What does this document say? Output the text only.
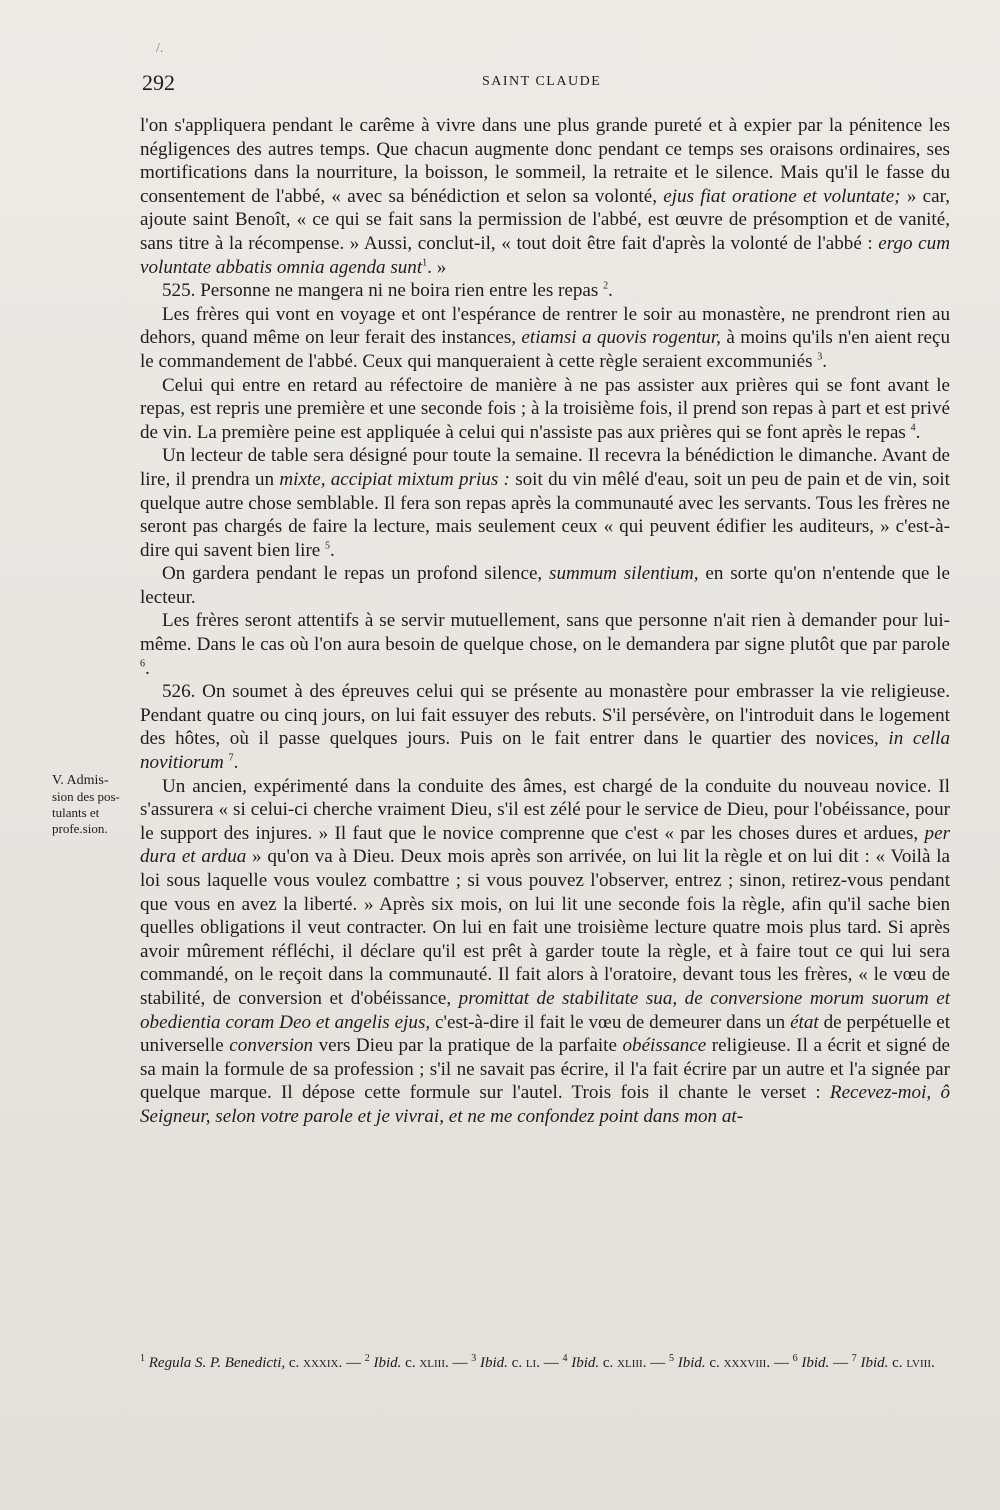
/.
292	SAINT CLAUDE
V. Admis-
sion des pos-
tulants et
profe.sion.

l'on s'appliquera pendant le carême à vivre dans une plus grande pureté et à expier par la pénitence les négligences des autres temps. Que chacun augmente donc pendant ce temps ses oraisons ordinaires, ses mortifications dans la nourriture, la boisson, le sommeil, la retraite et le silence. Mais qu'il le fasse du consentement de l'abbé, « avec sa bénédiction et selon sa volonté, ejus fiat oratione et voluntate; » car, ajoute saint Benoît, « ce qui se fait sans la permission de l'abbé, est œuvre de présomption et de vanité, sans titre à la récompense. » Aussi, conclut-il, « tout doit être fait d'après la volonté de l'abbé : ergo cum voluntate abbatis omnia agenda sunt$^1$. »

525. Personne ne mangera ni ne boira rien entre les repas $^2$.

Les frères qui vont en voyage et ont l'espérance de rentrer le soir au monastère, ne prendront rien au dehors, quand même on leur ferait des instances, etiamsi a quovis rogentur, à moins qu'ils n'en aient reçu le commandement de l'abbé. Ceux qui manqueraient à cette règle seraient excommuniés $^3$.

Celui qui entre en retard au réfectoire de manière à ne pas assister aux prières qui se font avant le repas, est repris une première et une seconde fois ; à la troisième fois, il prend son repas à part et est privé de vin. La première peine est appliquée à celui qui n'assiste pas aux prières qui se font après le repas $^4$.

Un lecteur de table sera désigné pour toute la semaine. Il recevra la bénédiction le dimanche. Avant de lire, il prendra un mixte, accipiat mixtum prius : soit du vin mêlé d'eau, soit un peu de pain et de vin, soit quelque autre chose semblable. Il fera son repas après la communauté avec les servants. Tous les frères ne seront pas chargés de faire la lecture, mais seulement ceux « qui peuvent édifier les auditeurs, » c'est-à-dire qui savent bien lire $^5$.

On gardera pendant le repas un profond silence, summum silentium, en sorte qu'on n'entende que le lecteur.

Les frères seront attentifs à se servir mutuellement, sans que personne n'ait rien à demander pour lui-même. Dans le cas où l'on aura besoin de quelque chose, on le demandera par signe plutôt que par parole $^6$.

526. On soumet à des épreuves celui qui se présente au monastère pour embrasser la vie religieuse. Pendant quatre ou cinq jours, on lui fait essuyer des rebuts. S'il persévère, on l'introduit dans le logement des hôtes, où il passe quelques jours. Puis on le fait entrer dans le quartier des novices, in cella novitiorum $^7$.

Un ancien, expérimenté dans la conduite des âmes, est chargé de la conduite du nouveau novice. Il s'assurera « si celui-ci cherche vraiment Dieu, s'il est zélé pour le service de Dieu, pour l'obéissance, pour le support des injures. » Il faut que le novice comprenne que c'est « par les choses dures et ardues, per dura et ardua » qu'on va à Dieu. Deux mois après son arrivée, on lui lit la règle et on lui dit : « Voilà la loi sous laquelle vous voulez combattre ; si vous pouvez l'observer, entrez ; sinon, retirez-vous pendant que vous en avez la liberté. » Après six mois, on lui lit une seconde fois la règle, afin qu'il sache bien quelles obligations il veut contracter. On lui en fait une troisième lecture quatre mois plus tard. Si après avoir mûrement réfléchi, il déclare qu'il est prêt à garder toute la règle, et à faire tout ce qui lui sera commandé, on le reçoit dans la communauté. Il fait alors à l'oratoire, devant tous les frères, « le vœu de stabilité, de conversion et d'obéissance, promittat de stabilitate sua, de conversione morum suorum et obedientia coram Deo et angelis ejus, c'est-à-dire il fait le vœu de demeurer dans un état de perpétuelle et universelle conversion vers Dieu par la pratique de la parfaite obéissance religieuse. Il a écrit et signé de sa main la formule de sa profession ; s'il ne savait pas écrire, il l'a fait écrire par un autre et l'a signée par quelque marque. Il dépose cette formule sur l'autel. Trois fois il chante le verset : Recevez-moi, ô Seigneur, selon votre parole et je vivrai, et ne me confondez point dans mon at-

$^1$ Regula S. P. Benedicti, c. xxxix. — $^2$ Ibid. c. xliii. — $^3$ Ibid. c. li. — $^4$ Ibid. c. xliii. — $^5$ Ibid. c. xxxviii. — $^6$ Ibid. — $^7$ Ibid. c. lviii.
